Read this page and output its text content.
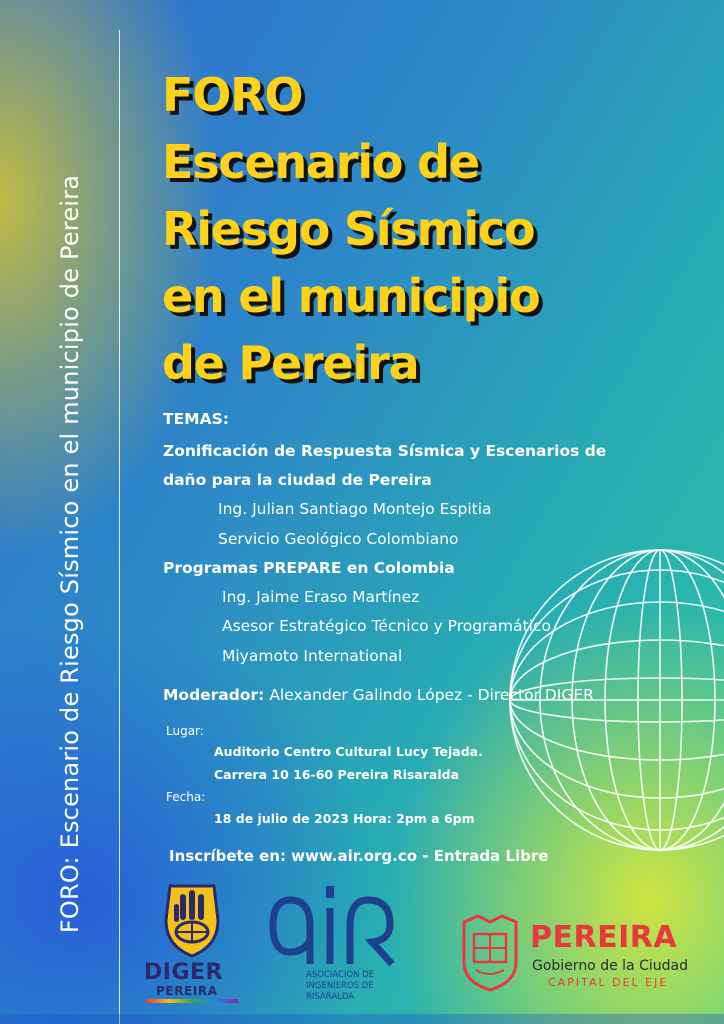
FORO: Escenario de Riesgo Sísmico en el municipio de Pereira
FORO
Escenario de
Riesgo Sísmico
en el municipio
de Pereira
TEMAS:
Zonificación de Respuesta Sísmica y Escenarios de
daño para la ciudad de Pereira
Ing. Julian Santiago Montejo Espitia
Servicio Geológico Colombiano
Programas PREPARE en Colombia
Ing. Jaime Eraso Martínez
Asesor Estratégico Técnico y Programático
Miyamoto International
Moderador: Alexander Galindo López - Director DIGER
Lugar:
Auditorio Centro Cultural Lucy Tejada.
Carrera 10 16-60 Pereira Risaralda
Fecha:
18 de julio de 2023 Hora: 2pm a 6pm
Inscríbete en: www.air.org.co - Entrada Libre
DIGER
PEREIRA
ASOCIACIÓN DE
INGENIEROS DE
RISARALDA
PEREIRA
Gobierno de la Ciudad
CAPITAL DEL EJE
